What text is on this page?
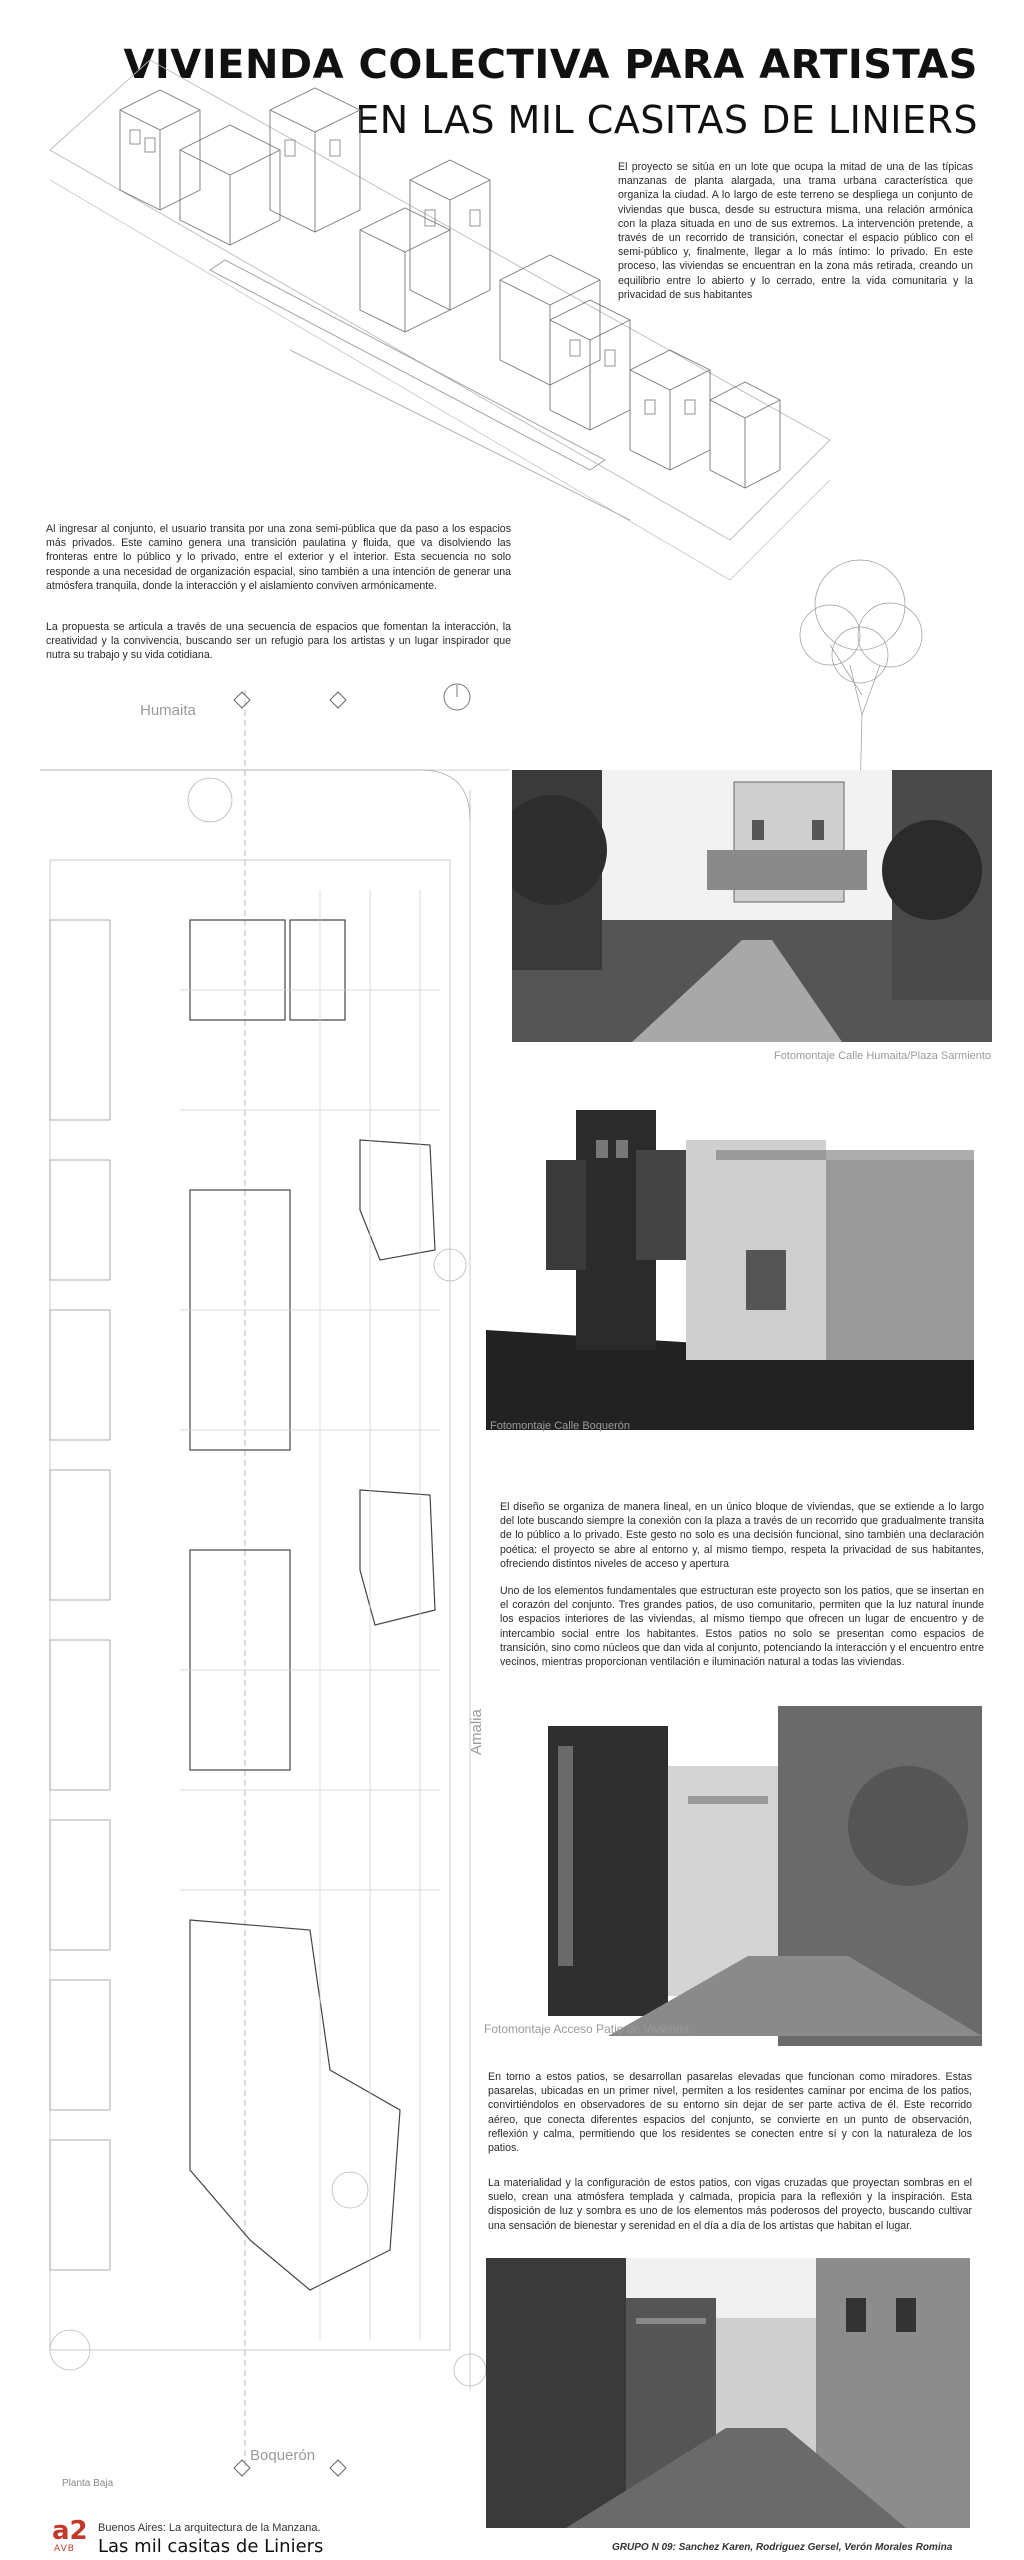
VIVIENDA COLECTIVA PARA ARTISTAS
EN LAS MIL CASITAS DE LINIERS
El proyecto se sitúa en un lote que ocupa la mitad de una de las típicas manzanas de planta alargada, una trama urbana característica que organiza la ciudad. A lo largo de este terreno se despliega un conjunto de viviendas que busca, desde su estructura misma, una relación armónica con la plaza situada en uno de sus extremos. La intervención pretende, a través de un recorrido de transición, conectar el espacio público con el semi-público y, finalmente, llegar a lo más íntimo: lo privado. En este proceso, las viviendas se encuentran en la zona más retirada, creando un equilibrio entre lo abierto y lo cerrado, entre la vida comunitaria y la privacidad de sus habitantes
Al ingresar al conjunto, el usuario transita por una zona semi-pública que da paso a los espacios más privados. Este camino genera una transición paulatina y fluida, que va disolviendo las fronteras entre lo público y lo privado, entre el exterior y el interior. Esta secuencia no solo responde a una necesidad de organización espacial, sino también a una intención de generar una atmósfera tranquila, donde la interacción y el aislamiento conviven armónicamente.
La propuesta se articula a través de una secuencia de espacios que fomentan la interacción, la creatividad y la convivencia, buscando ser un refugio para los artistas y un lugar inspirador que nutra su trabajo y su vida cotidiana.
Humaita
Amalia
Boquerón
Planta Baja
Fotomontaje Calle Humaita/Plaza Sarmiento
Fotomontaje Calle Boquerón
El diseño se organiza de manera lineal, en un único bloque de viviendas, que se extiende a lo largo del lote buscando siempre la conexión con la plaza a través de un recorrido que gradualmente transita de lo público a lo privado. Este gesto no solo es una decisión funcional, sino también una declaración poética: el proyecto se abre al entorno y, al mismo tiempo, respeta la privacidad de sus habitantes, ofreciendo distintos niveles de acceso y apertura
Uno de los elementos fundamentales que estructuran este proyecto son los patios, que se insertan en el corazón del conjunto. Tres grandes patios, de uso comunitario, permiten que la luz natural inunde los espacios interiores de las viviendas, al mismo tiempo que ofrecen un lugar de encuentro y de intercambio social entre los habitantes. Estos patios no solo se presentan como espacios de transición, sino como núcleos que dan vida al conjunto, potenciando la interacción y el encuentro entre vecinos, mientras proporcionan ventilación e iluminación natural a todas las viviendas.
Fotomontaje Acceso Patio de Vivienda
En torno a estos patios, se desarrollan pasarelas elevadas que funcionan como miradores. Estas pasarelas, ubicadas en un primer nivel, permiten a los residentes caminar por encima de los patios, convirtiéndolos en observadores de su entorno sin dejar de ser parte activa de él. Este recorrido aéreo, que conecta diferentes espacios del conjunto, se convierte en un punto de observación, reflexión y calma, permitiendo que los residentes se conecten entre sí y con la naturaleza de los patios.
La materialidad y la configuración de estos patios, con vigas cruzadas que proyectan sombras en el suelo, crean una atmósfera templada y calmada, propicia para la reflexión y la inspiración. Esta disposición de luz y sombra es uno de los elementos más poderosos del proyecto, buscando cultivar una sensación de bienestar y serenidad en el día a día de los artistas que habitan el lugar.
a2
AVB
Buenos Aires: La arquitectura de la Manzana.
Las mil casitas de Liniers	GRUPO N 09: Sanchez Karen, Rodriguez Gersel, Verón Morales Romina
